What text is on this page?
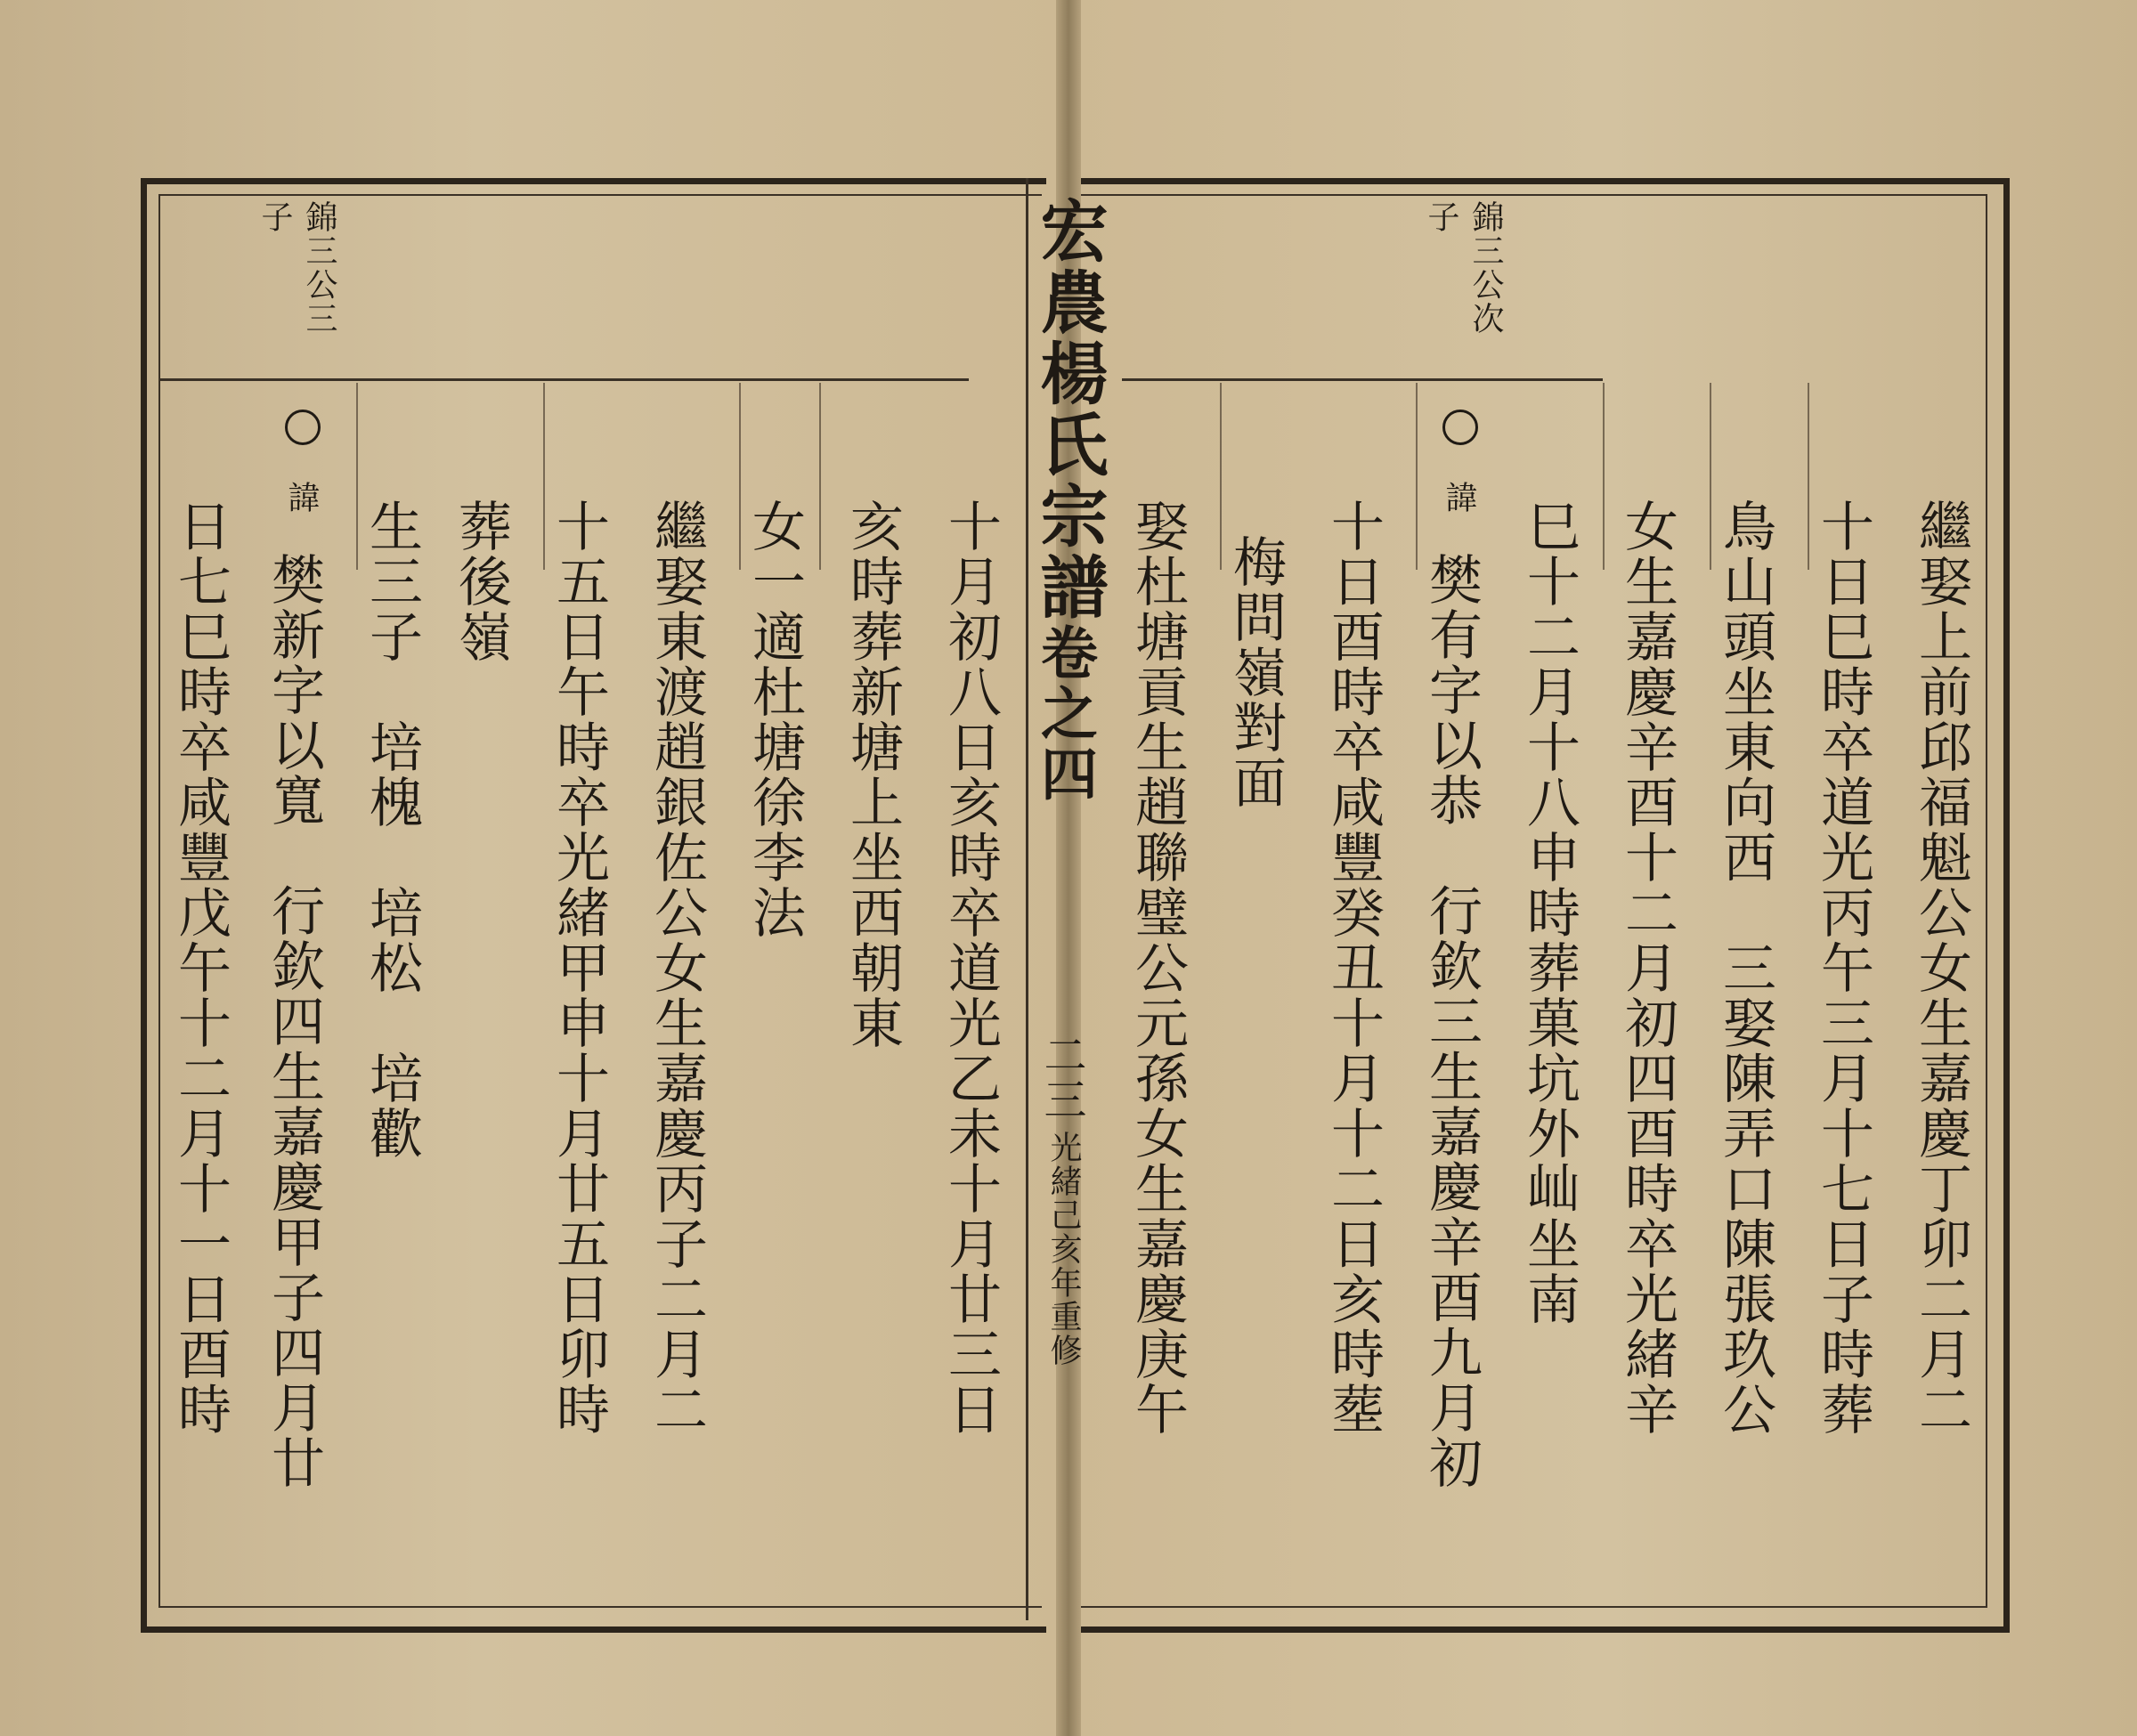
宏農楊氏宗譜
卷之四
二三
光緒己亥年重修
錦三公次
子
諱
繼娶上前邱福魁公女生嘉慶丁卯二月二
十日巳時卒道光丙午三月十七日子時葬
鳥山頭坐東向西　三娶陳弄口陳張玖公
女生嘉慶辛酉十二月初四酉時卒光緒辛
巳十二月十八申時葬菓坑外屾坐南
樊有字以恭　行欽三生嘉慶辛酉九月初
十日酉時卒咸豐癸丑十月十二日亥時塟
梅問嶺對面
娶杜塘貢生趙聯璧公元孫女生嘉慶庚午
十月初八日亥時卒道光乙未十月廿三日
亥時葬新塘上坐西朝東
女一適杜塘徐李法
繼娶東渡趙銀佐公女生嘉慶丙子二月二
十五日午時卒光緒甲申十月廿五日卯時
葬後嶺
生三子　培槐　培松　培歡
樊新字以寬　行欽四生嘉慶甲子四月廿
日七巳時卒咸豐戊午十二月十一日酉時
錦三公三
子
諱
